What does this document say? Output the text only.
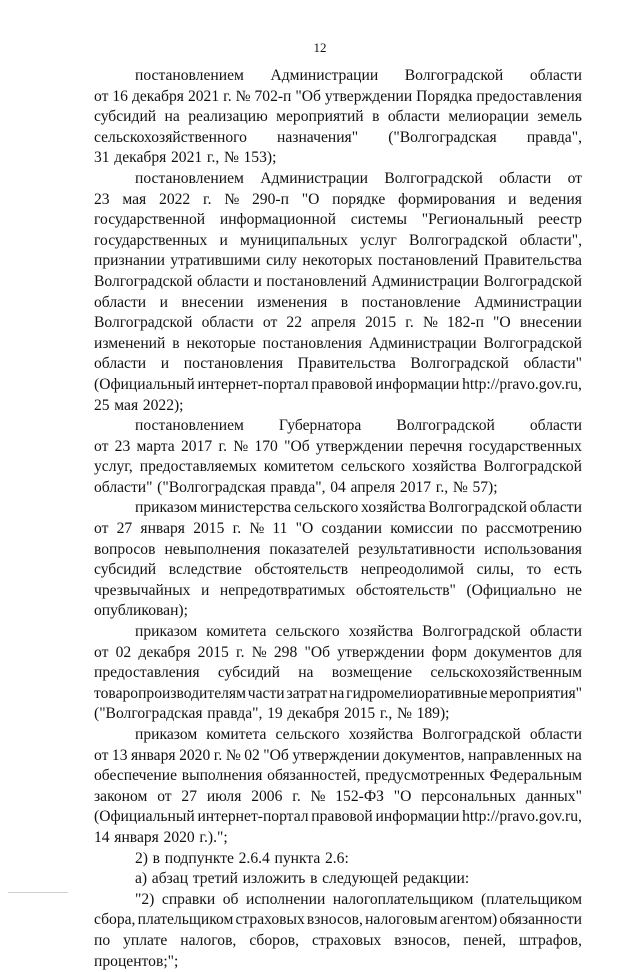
12
постановлением Администрации Волгоградской области
от 16 декабря 2021 г. № 702-п "Об утверждении Порядка предоставления
субсидий на реализацию мероприятий в области мелиорации земель
сельскохозяйственного назначения" ("Волгоградская правда",
31 декабря 2021 г., № 153);
постановлением Администрации Волгоградской области от
23 мая 2022 г. № 290-п "О порядке формирования и ведения
государственной информационной системы "Региональный реестр
государственных и муниципальных услуг Волгоградской области",
признании утратившими силу некоторых постановлений Правительства
Волгоградской области и постановлений Администрации Волгоградской
области и внесении изменения в постановление Администрации
Волгоградской области от 22 апреля 2015 г. № 182-п "О внесении
изменений в некоторые постановления Администрации Волгоградской
области и постановления Правительства Волгоградской области"
(Официальный интернет-портал правовой информации http://pravo.gov.ru,
25 мая 2022);
постановлением Губернатора Волгоградской области
от 23 марта 2017 г. № 170 "Об утверждении перечня государственных
услуг, предоставляемых комитетом сельского хозяйства Волгоградской
области" ("Волгоградская правда", 04 апреля 2017 г., № 57);
приказом министерства сельского хозяйства Волгоградской области
от 27 января 2015 г. № 11 "О создании комиссии по рассмотрению
вопросов невыполнения показателей результативности использования
субсидий вследствие обстоятельств непреодолимой силы, то есть
чрезвычайных и непредотвратимых обстоятельств" (Официально не
опубликован);
приказом комитета сельского хозяйства Волгоградской области
от 02 декабря 2015 г. № 298 "Об утверждении форм документов для
предоставления субсидий на возмещение сельскохозяйственным
товаропроизводителям части затрат на гидромелиоративные мероприятия"
("Волгоградская правда", 19 декабря 2015 г., № 189);
приказом комитета сельского хозяйства Волгоградской области
от 13 января 2020 г. № 02 "Об утверждении документов, направленных на
обеспечение выполнения обязанностей, предусмотренных Федеральным
законом от 27 июля 2006 г. № 152-ФЗ "О персональных данных"
(Официальный интернет-портал правовой информации http://pravo.gov.ru,
14 января 2020 г.).";
2) в подпункте 2.6.4 пункта 2.6:
а) абзац третий изложить в следующей редакции:
"2) справки об исполнении налогоплательщиком (плательщиком
сбора, плательщиком страховых взносов, налоговым агентом) обязанности
по уплате налогов, сборов, страховых взносов, пеней, штрафов,
процентов;";
